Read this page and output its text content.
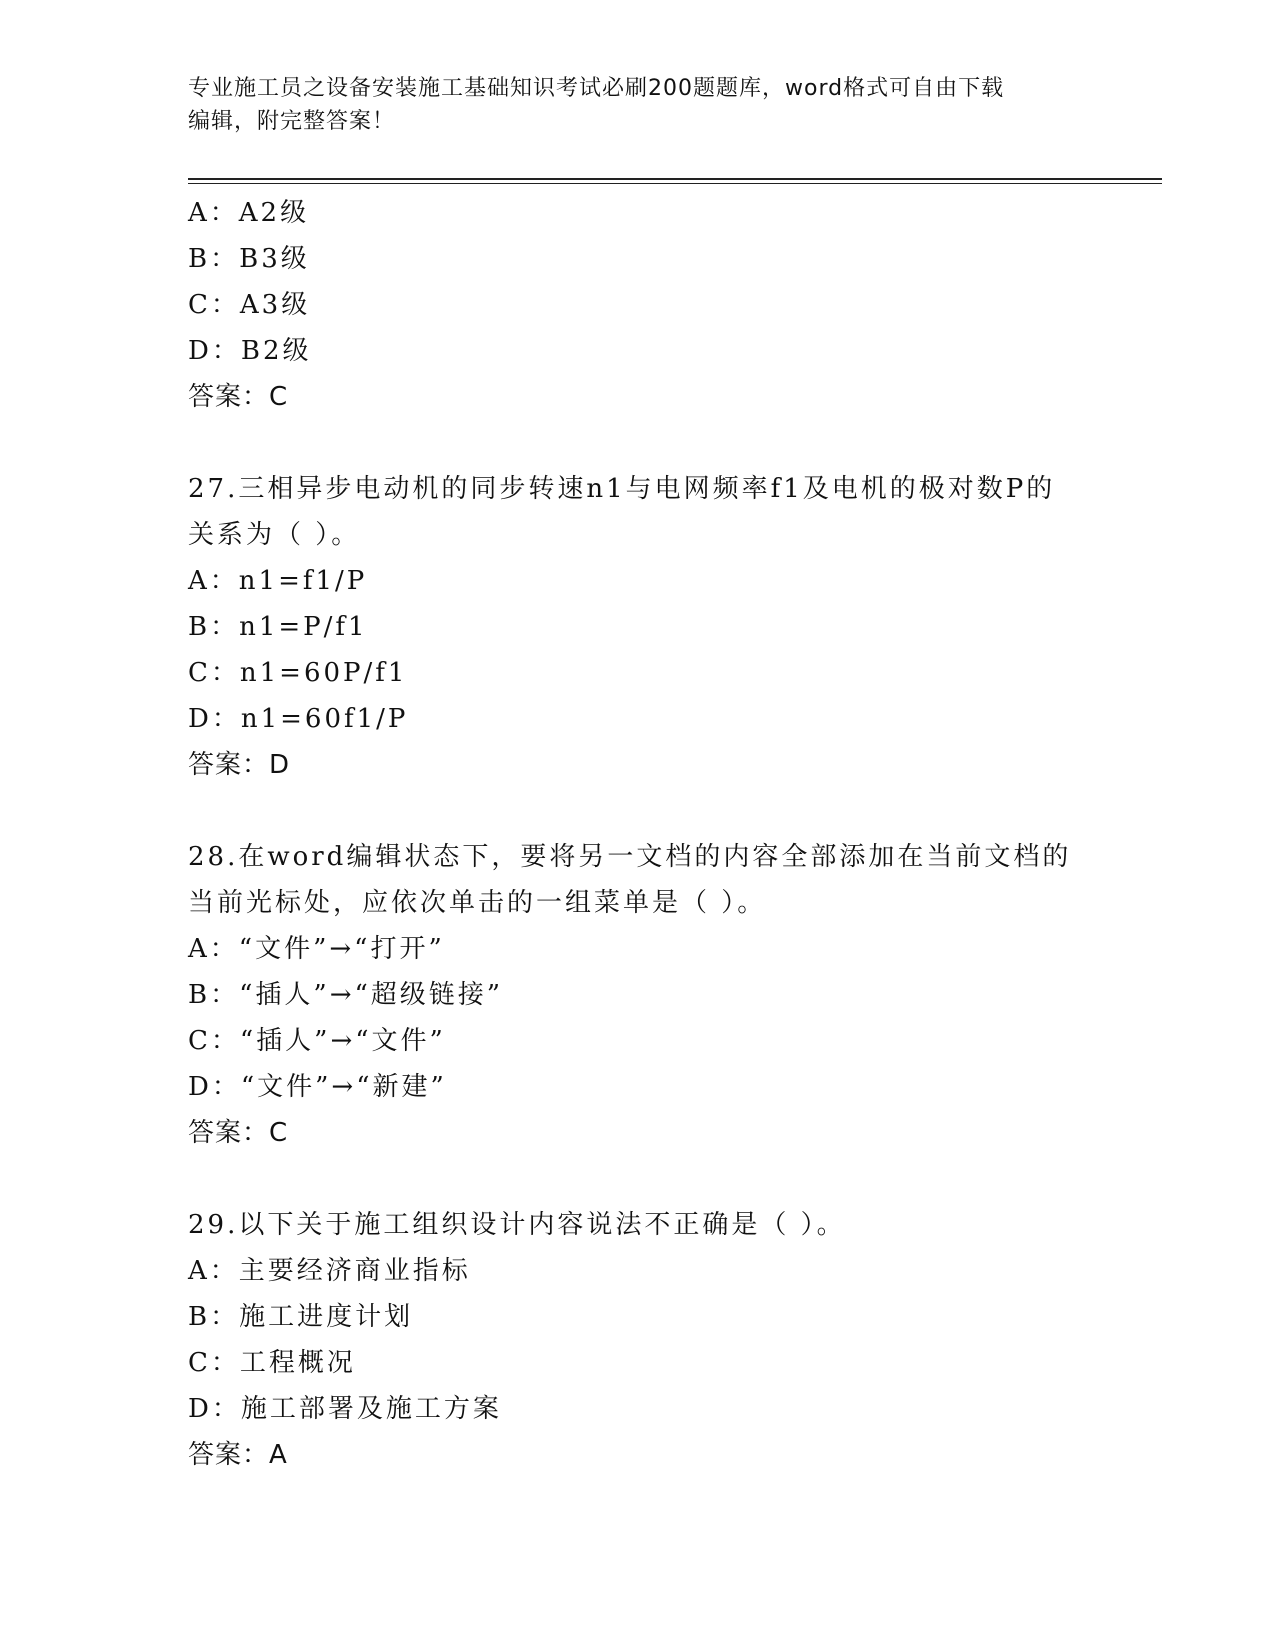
专业施工员之设备安装施工基础知识考试必刷200题题库，word格式可自由下载
编辑，附完整答案！

A：A2级

B：B3级

C：A3级

D：B2级

答案：C

27.三相异步电动机的同步转速n1与电网频率f1及电机的极对数P的

关系为（ ）。

A：n1=f1/P

B：n1=P/f1

C：n1=60P/f1

D：n1=60f1/P

答案：D

28.在word编辑状态下，要将另一文档的内容全部添加在当前文档的

当前光标处，应依次单击的一组菜单是（ ）。

A：“文件”→“打开”

B：“插人”→“超级链接”

C：“插人”→“文件”

D：“文件”→“新建”

答案：C

29.以下关于施工组织设计内容说法不正确是（ ）。

A：主要经济商业指标

B：施工进度计划

C：工程概况

D：施工部署及施工方案

答案：A
